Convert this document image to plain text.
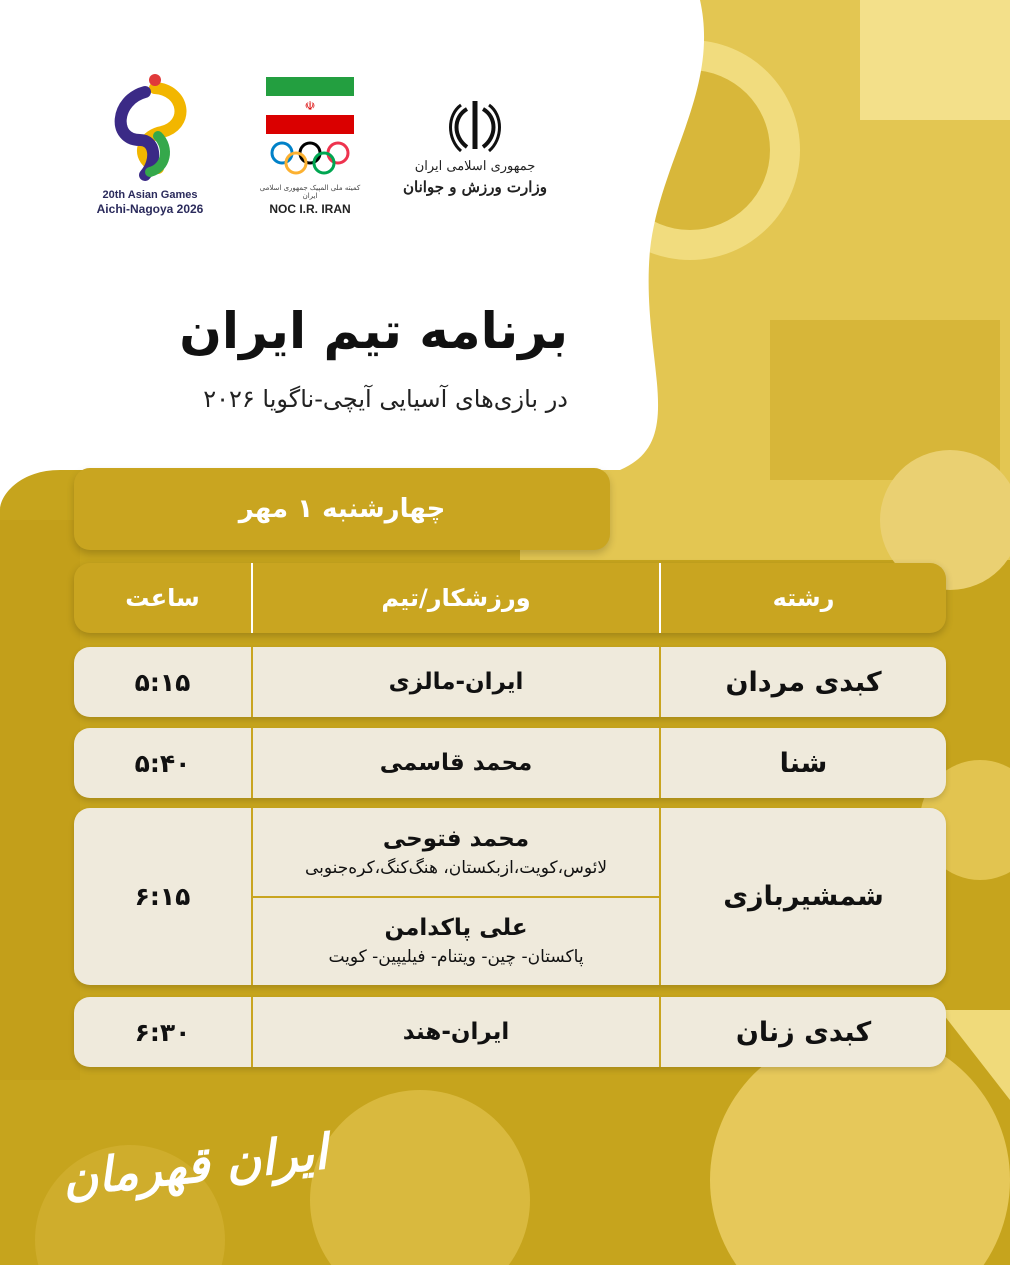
20th Asian Games
Aichi-Nagoya 2026
☫
کمیته ملی المپیک جمهوری اسلامی ایران
NOC I.R. IRAN
جمهوری اسلامی ایران
وزارت ورزش و جوانان
برنامه تیم ایران
در بازی‌های آسیایی آیچی-ناگویا ۲۰۲۶
چهارشنبه ۱ مهر
رشته
ورزشکار/تیم
ساعت
کبدی مردان
ایران-مالزی
۵:۱۵
شنا
محمد قاسمی
۵:۴۰
شمشیربازی
محمد فتوحی
لائوس،کویت،ازبکستان، هنگ‌کنگ،کره‌جنوبی
علی پاکدامن
پاکستان- چین- ویتنام- فیلیپین- کویت
۶:۱۵
کبدی زنان
ایران-هند
۶:۳۰
ایران قهرمان
